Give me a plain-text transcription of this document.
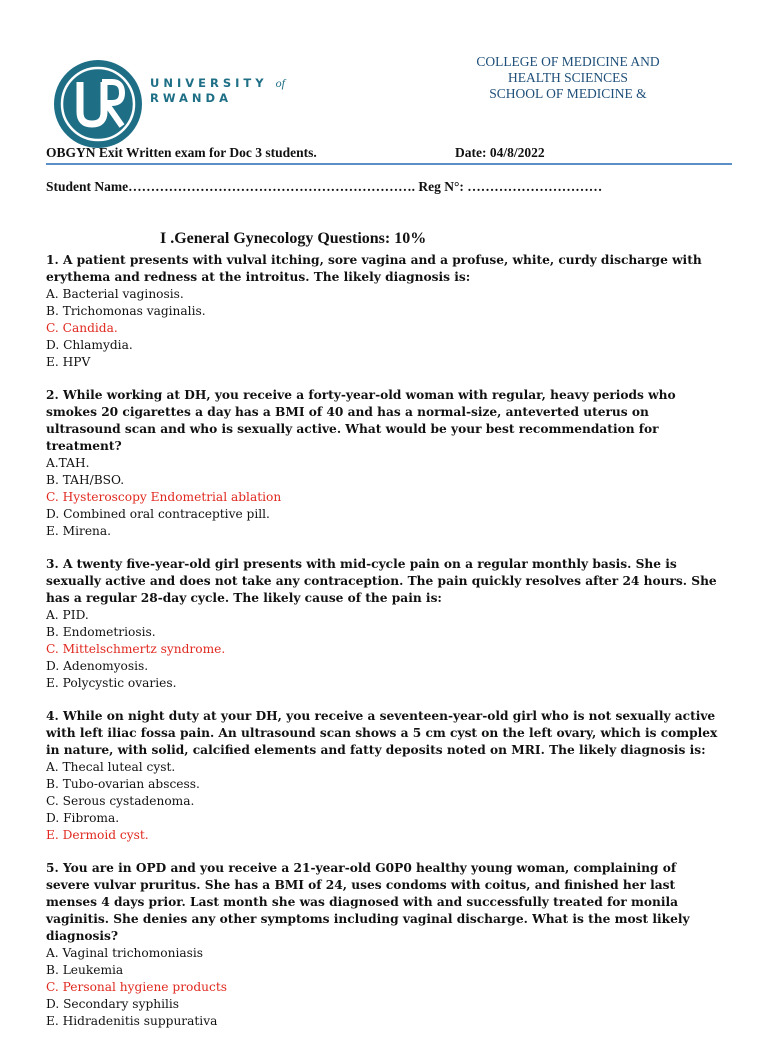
UNIVERSITY of
RWANDA
COLLEGE OF MEDICINE AND
HEALTH SCIENCES
SCHOOL OF MEDICINE &
OBGYN Exit Written exam for Doc 3 students.	Date: 04/8/2022
Student Name………………………………………………………. Reg N°: …………………………
I .General Gynecology Questions: 10%

1. A patient presents with vulval itching, sore vagina and a profuse, white, curdy discharge with erythema and redness at the introitus. The likely diagnosis is:

A. Bacterial vaginosis.

B. Trichomonas vaginalis.

C. Candida.

D. Chlamydia.

E. HPV

2. While working at DH, you receive a forty-year-old woman with regular, heavy periods who smokes 20 cigarettes a day has a BMI of 40 and has a normal-size, anteverted uterus on ultrasound scan and who is sexually active. What would be your best recommendation for treatment?

A.TAH.

B. TAH/BSO.

C. Hysteroscopy Endometrial ablation

D. Combined oral contraceptive pill.

E. Mirena.

3. A twenty five-year-old girl presents with mid-cycle pain on a regular monthly basis. She is sexually active and does not take any contraception. The pain quickly resolves after 24 hours. She has a regular 28-day cycle. The likely cause of the pain is:

A. PID.

B. Endometriosis.

C. Mittelschmertz syndrome.

D. Adenomyosis.

E. Polycystic ovaries.

4. While on night duty at your DH, you receive a seventeen-year-old girl who is not sexually active with left iliac fossa pain. An ultrasound scan shows a 5 cm cyst on the left ovary, which is complex in nature, with solid, calcified elements and fatty deposits noted on MRI. The likely diagnosis is:

A. Thecal luteal cyst.

B. Tubo-ovarian abscess.

C. Serous cystadenoma.

D. Fibroma.

E. Dermoid cyst.

5. You are in OPD and you receive a 21-year-old G0P0 healthy young woman, complaining of severe vulvar pruritus. She has a BMI of 24, uses condoms with coitus, and finished her last menses 4 days prior. Last month she was diagnosed with and successfully treated for monila vaginitis. She denies any other symptoms including vaginal discharge. What is the most likely diagnosis?

A. Vaginal trichomoniasis

B. Leukemia

C. Personal hygiene products

D. Secondary syphilis

E. Hidradenitis suppurativa
